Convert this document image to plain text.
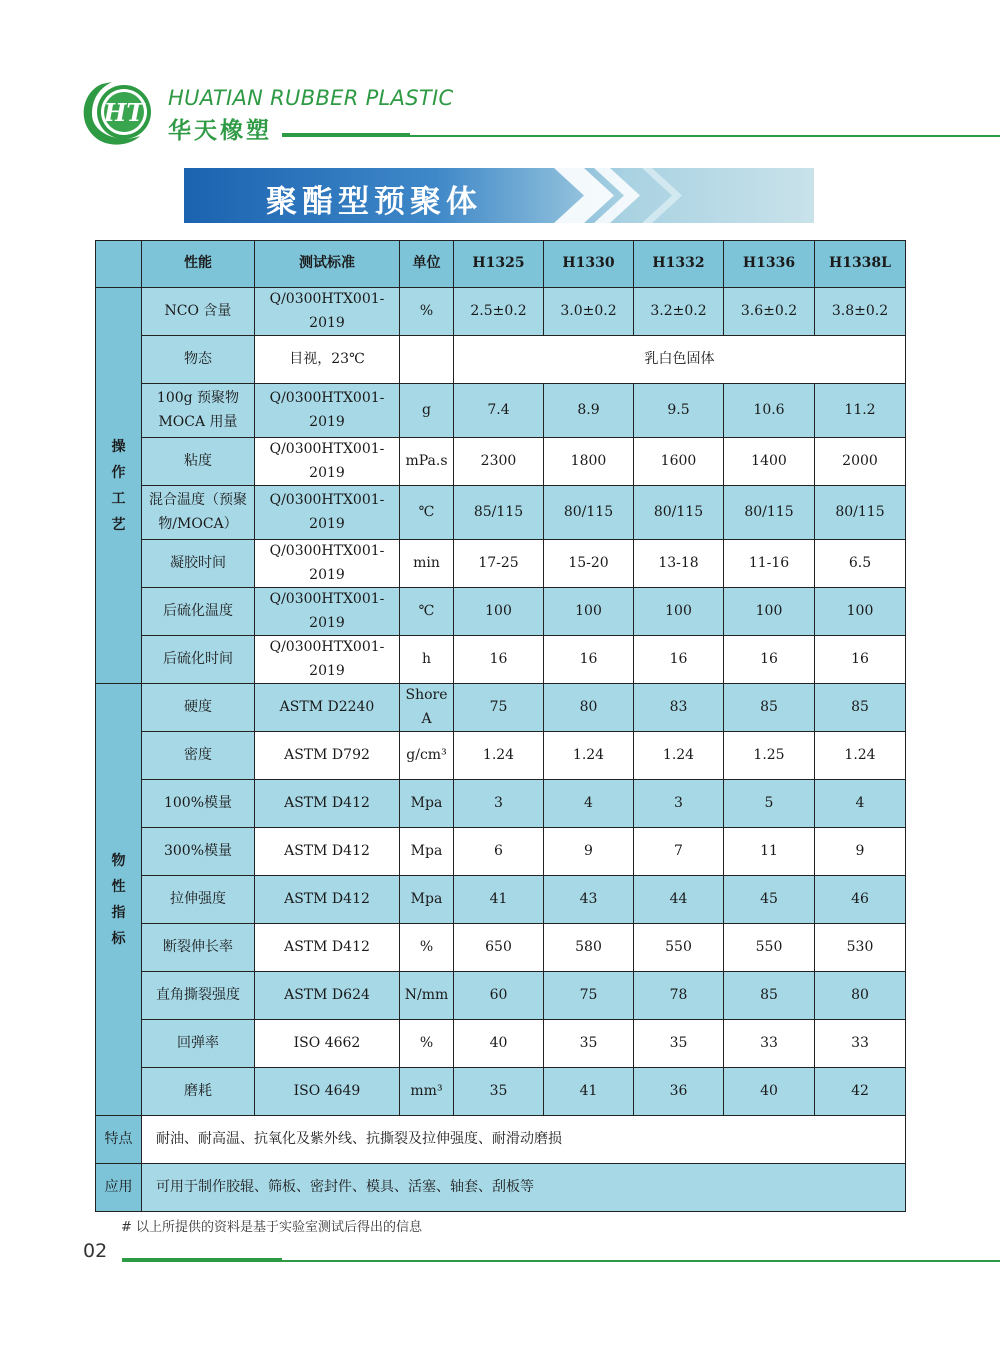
HT HUATIAN RUBBER PLASTIC
华天橡塑
聚酯型预聚体
	性能	测试标准	单位	H1325	H1330	H1332	H1336	H1338L
操作工艺	NCO 含量	Q/0300HTX001-2019	%	2.5±0.2	3.0±0.2	3.2±0.2	3.6±0.2	3.8±0.2
	物态	目视，23℃		乳白色固体				
	100g 预聚物 MOCA 用量	Q/0300HTX001-2019	g	7.4	8.9	9.5	10.6	11.2
	粘度	Q/0300HTX001-2019	mPa.s	2300	1800	1600	1400	2000
	混合温度（预聚物/MOCA）	Q/0300HTX001-2019	℃	85/115	80/115	80/115	80/115	80/115
	凝胶时间	Q/0300HTX001-2019	min	17-25	15-20	13-18	11-16	6.5
	后硫化温度	Q/0300HTX001-2019	℃	100	100	100	100	100
	后硫化时间	Q/0300HTX001-2019	h	16	16	16	16	16
物性指标	硬度	ASTM D2240	Shore A	75	80	83	85	85
	密度	ASTM D792	g/cm³	1.24	1.24	1.24	1.25	1.24
	100%模量	ASTM D412	Mpa	3	4	3	5	4
	300%模量	ASTM D412	Mpa	6	9	7	11	9
	拉伸强度	ASTM D412	Mpa	41	43	44	45	46
	断裂伸长率	ASTM D412	%	650	580	550	550	530
	直角撕裂强度	ASTM D624	N/mm	60	75	78	85	80
	回弹率	ISO 4662	%	40	35	35	33	33
	磨耗	ISO 4649	mm³	35	41	36	40	42
特点	耐油、耐高温、抗氧化及紫外线、抗撕裂及拉伸强度、耐滑动磨损							
应用	可用于制作胶辊、筛板、密封件、模具、活塞、轴套、刮板等							
# 以上所提供的资料是基于实验室测试后得出的信息
02
